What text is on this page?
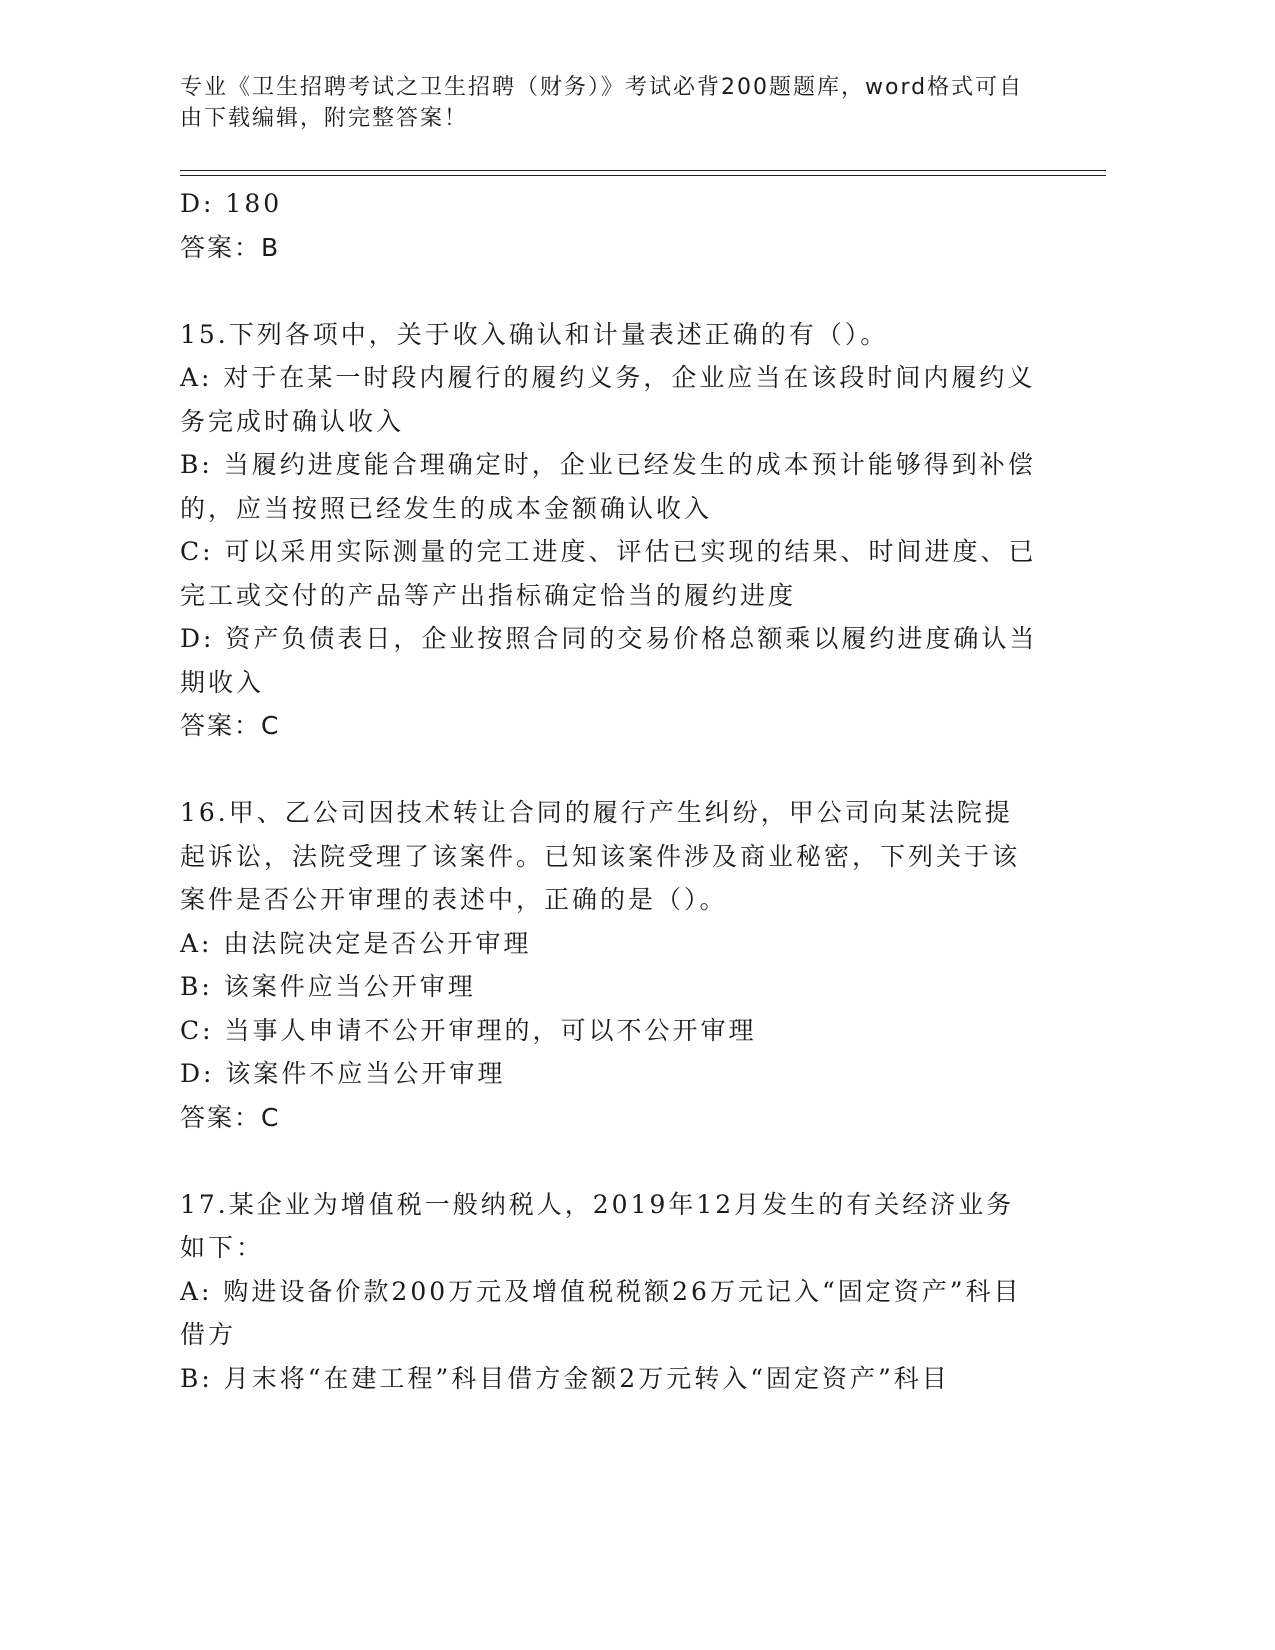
专业《卫生招聘考试之卫生招聘（财务）》考试必背200题题库，word格式可自由下载编辑，附完整答案！
D: 180
答案：B
15.下列各项中，关于收入确认和计量表述正确的有（）。
A: 对于在某一时段内履行的履约义务，企业应当在该段时间内履约义务完成时确认收入
B: 当履约进度能合理确定时，企业已经发生的成本预计能够得到补偿的，应当按照已经发生的成本金额确认收入
C: 可以采用实际测量的完工进度、评估已实现的结果、时间进度、已完工或交付的产品等产出指标确定恰当的履约进度
D: 资产负债表日，企业按照合同的交易价格总额乘以履约进度确认当期收入
答案：C
16.甲、乙公司因技术转让合同的履行产生纠纷，甲公司向某法院提起诉讼，法院受理了该案件。已知该案件涉及商业秘密，下列关于该案件是否公开审理的表述中，正确的是（）。
A: 由法院决定是否公开审理
B: 该案件应当公开审理
C: 当事人申请不公开审理的，可以不公开审理
D: 该案件不应当公开审理
答案：C
17.某企业为增值税一般纳税人，2019年12月发生的有关经济业务如下：
A: 购进设备价款200万元及增值税税额26万元记入“固定资产”科目借方
B: 月末将“在建工程”科目借方金额2万元转入“固定资产”科目
